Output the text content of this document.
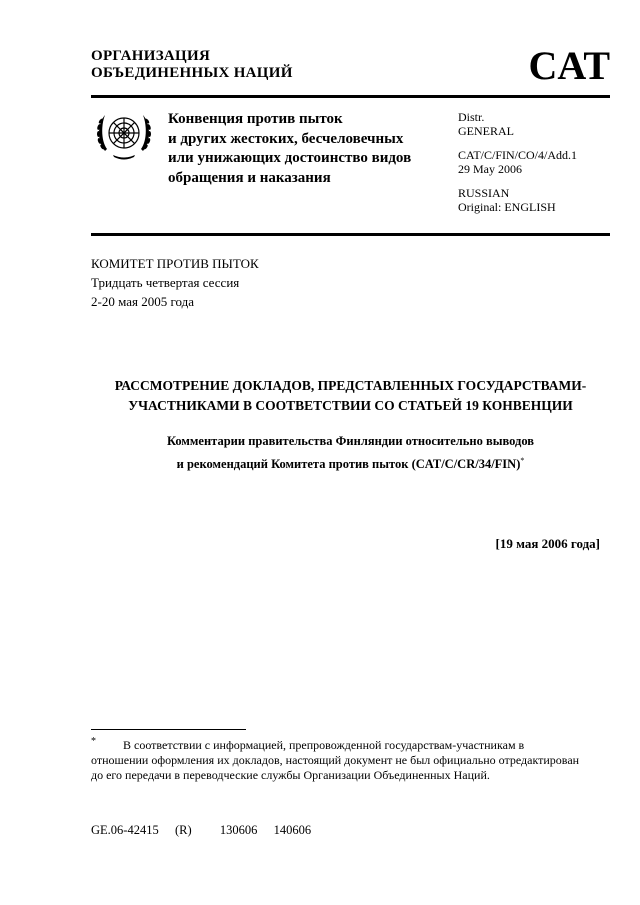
ОРГАНИЗАЦИЯ
ОБЪЕДИНЕННЫХ НАЦИЙ	CAT
Конвенция против пыток
и других жестоких, бесчеловечных
или унижающих достоинство видов
обращения и наказания
Distr.
GENERAL
CAT/C/FIN/CO/4/Add.1
29 May 2006
RUSSIAN
Original: ENGLISH
КОМИТЕТ ПРОТИВ ПЫТОК
Тридцать четвертая сессия
2-20 мая 2005 года
РАССМОТРЕНИЕ ДОКЛАДОВ, ПРЕДСТАВЛЕННЫХ ГОСУДАРСТВАМИ-
УЧАСТНИКАМИ В СООТВЕТСТВИИ СО СТАТЬЕЙ 19 КОНВЕНЦИИ
Комментарии правительства Финляндии относительно выводов
и рекомендаций Комитета против пыток (CAT/C/CR/34/FIN)*
[19 мая 2006 года]
*	В соответствии с информацией, препровожденной государствам-участникам в отношении оформления их докладов, настоящий документ не был официально отредактирован до его передачи в переводческие службы Организации Объединенных Наций.
GE.06-42415 (R) 130606 140606
